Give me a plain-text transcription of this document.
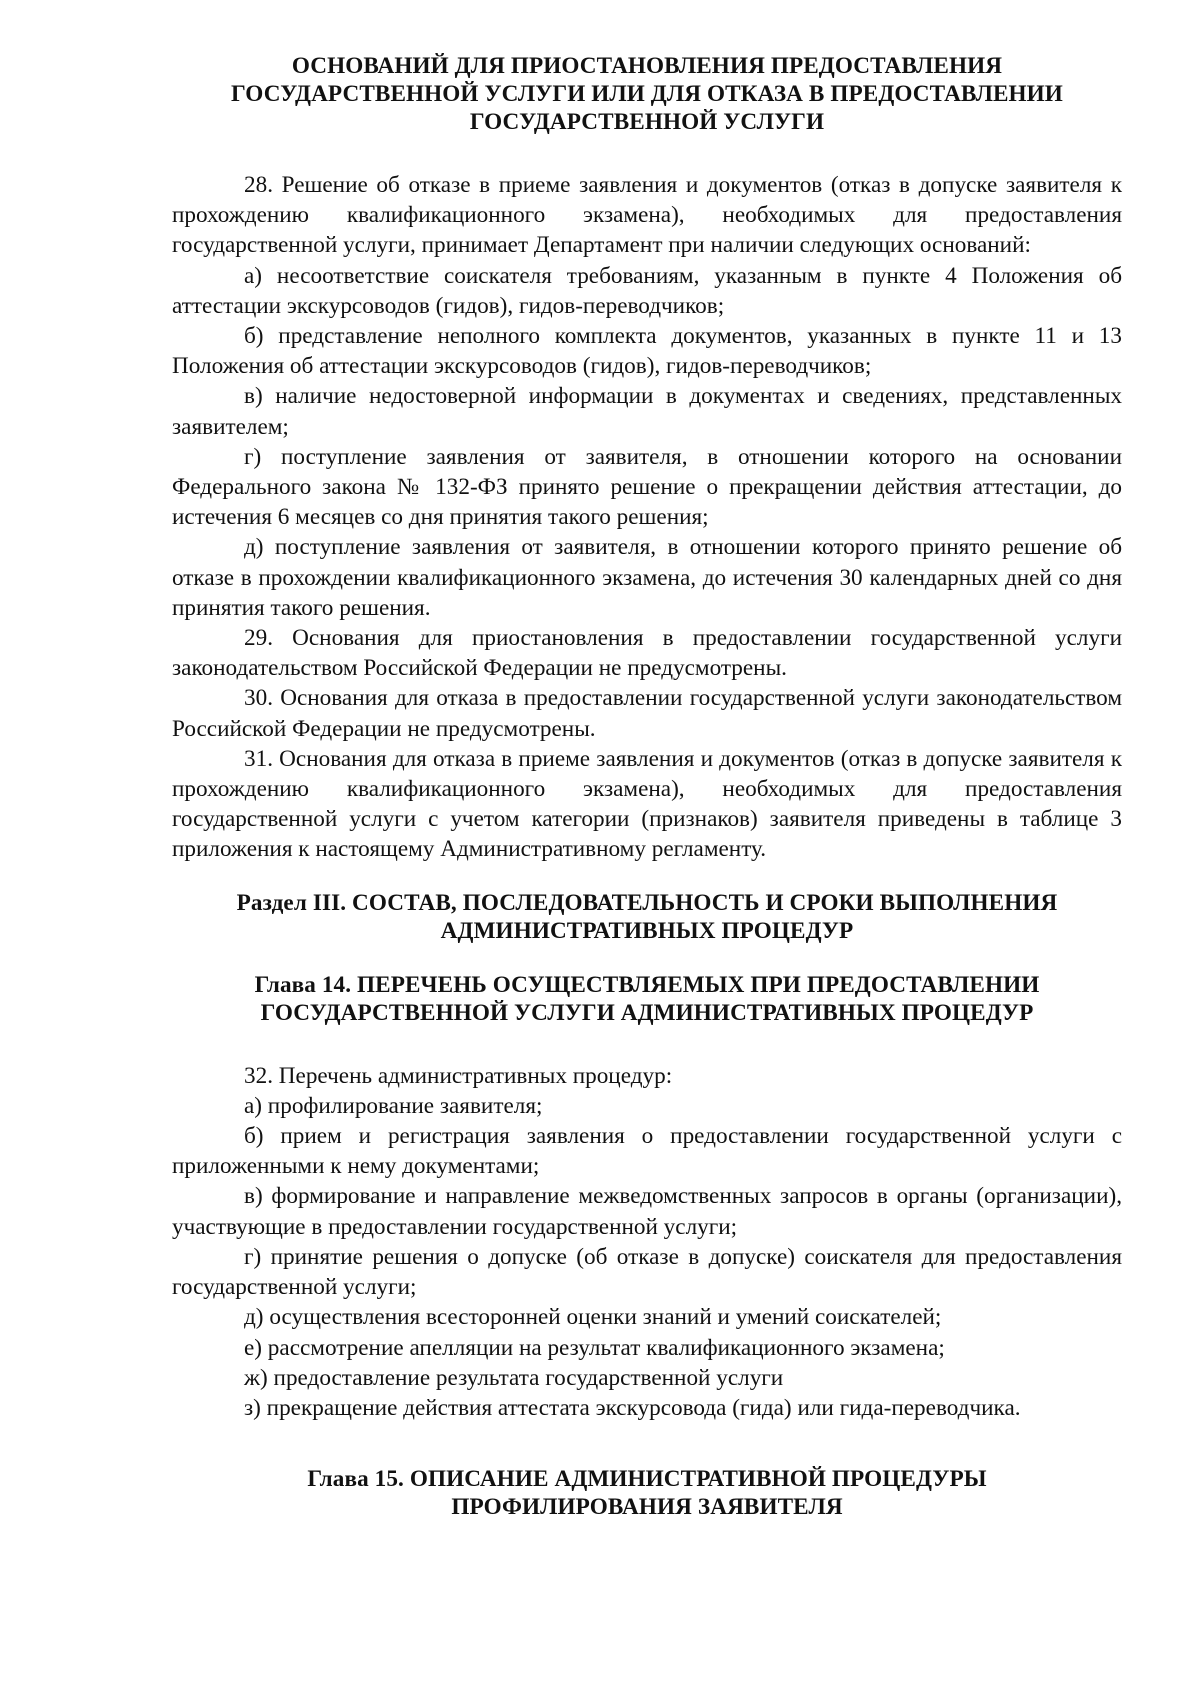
ОСНОВАНИЙ ДЛЯ ПРИОСТАНОВЛЕНИЯ ПРЕДОСТАВЛЕНИЯ ГОСУДАРСТВЕННОЙ УСЛУГИ ИЛИ ДЛЯ ОТКАЗА В ПРЕДОСТАВЛЕНИИ ГОСУДАРСТВЕННОЙ УСЛУГИ

28. Решение об отказе в приеме заявления и документов (отказ в допуске заявителя к прохождению квалификационного экзамена), необходимых для предоставления государственной услуги, принимает Департамент при наличии следующих оснований:

а) несоответствие соискателя требованиям, указанным в пункте 4 Положения об аттестации экскурсоводов (гидов), гидов-переводчиков;

б) представление неполного комплекта документов, указанных в пункте 11 и 13 Положения об аттестации экскурсоводов (гидов), гидов-переводчиков;

в) наличие недостоверной информации в документах и сведениях, представленных заявителем;

г) поступление заявления от заявителя, в отношении которого на основании Федерального закона № 132-ФЗ принято решение о прекращении действия аттестации, до истечения 6 месяцев со дня принятия такого решения;

д) поступление заявления от заявителя, в отношении которого принято решение об отказе в прохождении квалификационного экзамена, до истечения 30 календарных дней со дня принятия такого решения.

29. Основания для приостановления в предоставлении государственной услуги законодательством Российской Федерации не предусмотрены.

30. Основания для отказа в предоставлении государственной услуги законодательством Российской Федерации не предусмотрены.

31. Основания для отказа в приеме заявления и документов (отказ в допуске заявителя к прохождению квалификационного экзамена), необходимых для предоставления государственной услуги с учетом категории (признаков) заявителя приведены в таблице 3 приложения к настоящему Административному регламенту.

Раздел III. СОСТАВ, ПОСЛЕДОВАТЕЛЬНОСТЬ И СРОКИ ВЫПОЛНЕНИЯ АДМИНИСТРАТИВНЫХ ПРОЦЕДУР
Глава 14. ПЕРЕЧЕНЬ ОСУЩЕСТВЛЯЕМЫХ ПРИ ПРЕДОСТАВЛЕНИИ ГОСУДАРСТВЕННОЙ УСЛУГИ АДМИНИСТРАТИВНЫХ ПРОЦЕДУР

32. Перечень административных процедур:

а) профилирование заявителя;

б) прием и регистрация заявления о предоставлении государственной услуги с приложенными к нему документами;

в) формирование и направление межведомственных запросов в органы (организации), участвующие в предоставлении государственной услуги;

г) принятие решения о допуске (об отказе в допуске) соискателя для предоставления государственной услуги;

д) осуществления всесторонней оценки знаний и умений соискателей;

е) рассмотрение апелляции на результат квалификационного экзамена;

ж) предоставление результата государственной услуги

з) прекращение действия аттестата экскурсовода (гида) или гида-переводчика.

Глава 15. ОПИСАНИЕ АДМИНИСТРАТИВНОЙ ПРОЦЕДУРЫ ПРОФИЛИРОВАНИЯ ЗАЯВИТЕЛЯ
